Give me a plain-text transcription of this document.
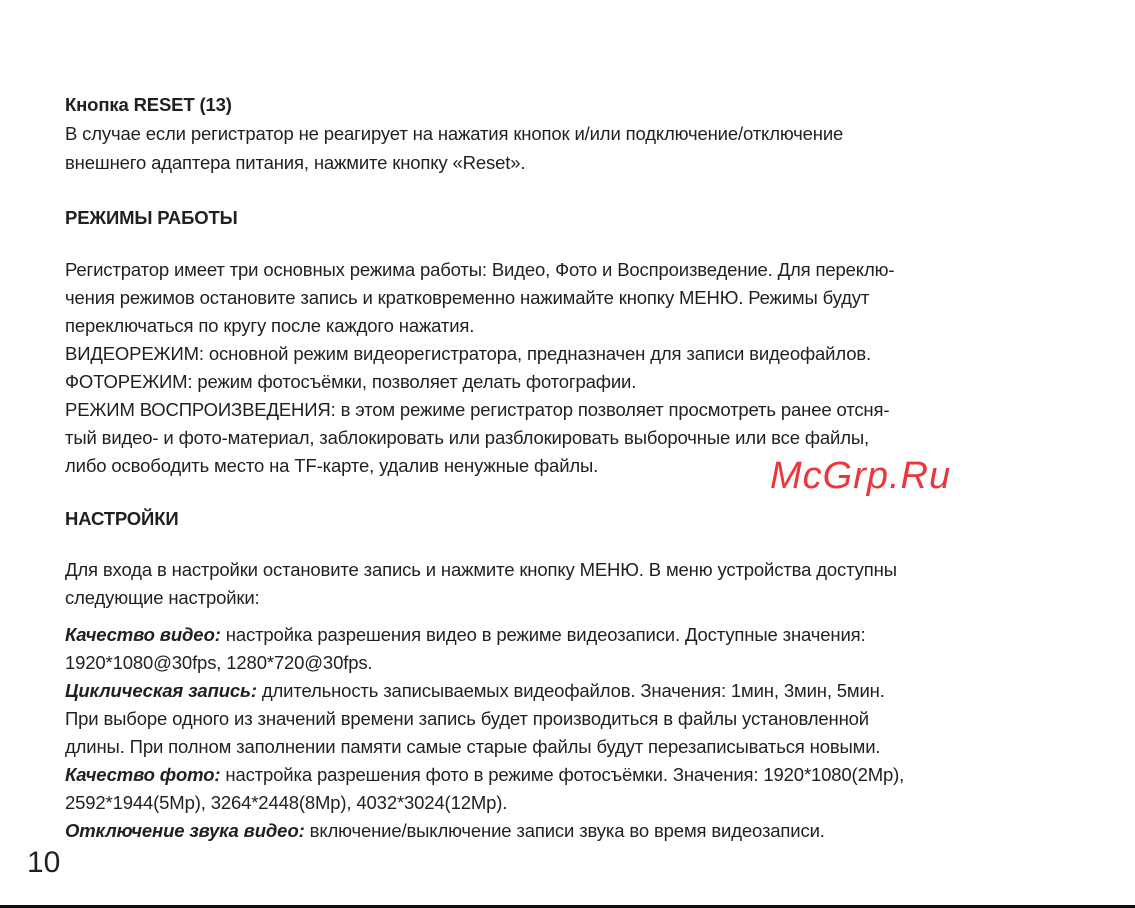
Кнопка RESET (13)
В случае если регистратор не реагирует на нажатия кнопок и/или подключение/отключение
внешнего адаптера питания, нажмите кнопку «Reset».
РЕЖИМЫ РАБОТЫ
Регистратор имеет три основных режима работы: Видео, Фото и Воспроизведение. Для переклю-
чения режимов остановите запись и кратковременно нажимайте кнопку МЕНЮ. Режимы будут
переключаться по кругу после каждого нажатия.
ВИДЕОРЕЖИМ: основной режим видеорегистратора, предназначен для записи видеофайлов.
ФОТОРЕЖИМ: режим фотосъёмки, позволяет делать фотографии.
РЕЖИМ ВОСПРОИЗВЕДЕНИЯ: в этом режиме регистратор позволяет просмотреть ранее отсня-
тый видео- и фото-материал, заблокировать или разблокировать выборочные или все файлы,
либо освободить место на TF-карте, удалив ненужные файлы.
НАСТРОЙКИ
Для входа в настройки остановите запись и нажмите кнопку МЕНЮ. В меню устройства доступны
следующие настройки:
Качество видео: настройка разрешения видео в режиме видеозаписи. Доступные значения:
1920*1080@30fps, 1280*720@30fps.
Циклическая запись: длительность записываемых видеофайлов. Значения: 1мин, 3мин, 5мин.
При выборе одного из значений времени запись будет производиться в файлы установленной
длины. При полном заполнении памяти самые старые файлы будут перезаписываться новыми.
Качество фото: настройка разрешения фото в режиме фотосъёмки. Значения: 1920*1080(2Mp),
2592*1944(5Mp), 3264*2448(8Mp), 4032*3024(12Mp).
Отключение звука видео: включение/выключение записи звука во время видеозаписи.
10
McGrp.Ru
